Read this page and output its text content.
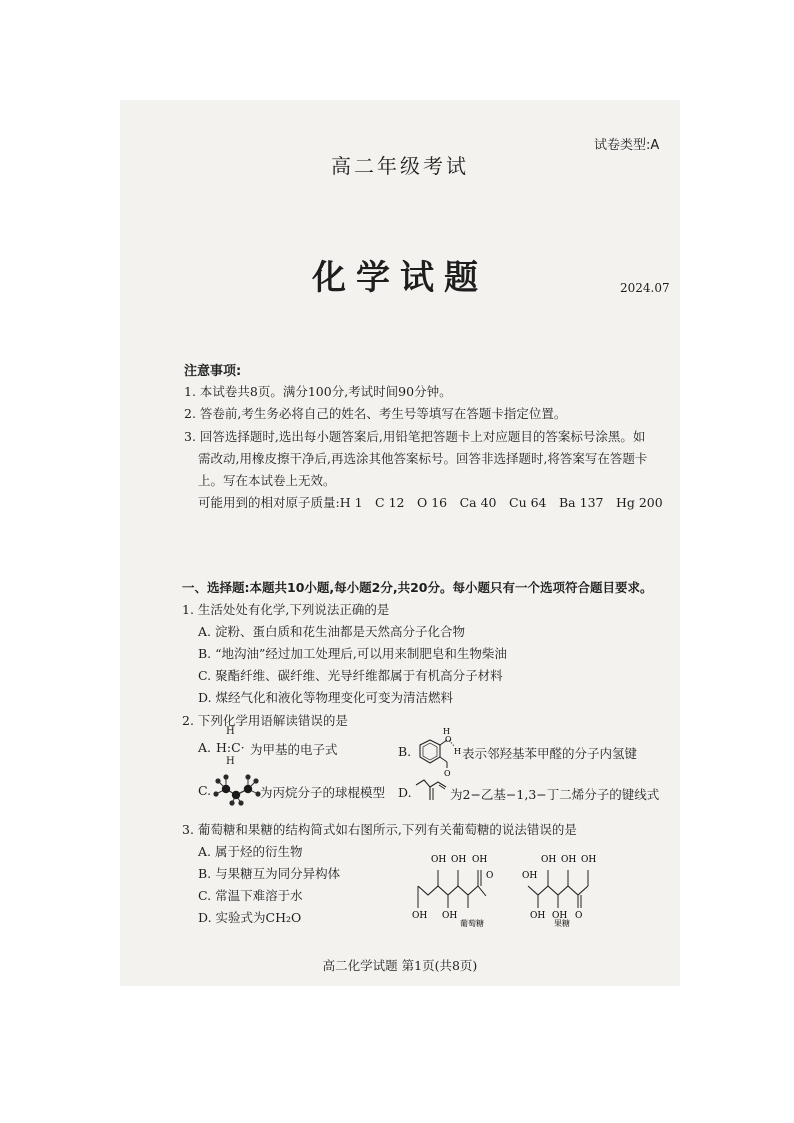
试卷类型:A
高二年级考试
化学试题	2024.07
注意事项:
1. 本试卷共8页。满分100分,考试时间90分钟。
2. 答卷前,考生务必将自己的姓名、考生号等填写在答题卡指定位置。
3. 回答选择题时,选出每小题答案后,用铅笔把答题卡上对应题目的答案标号涂黑。如
需改动,用橡皮擦干净后,再选涂其他答案标号。回答非选择题时,将答案写在答题卡
上。写在本试卷上无效。
可能用到的相对原子质量:H 1　C 12　O 16　Ca 40　Cu 64　Ba 137　Hg 200
一、选择题:本题共10小题,每小题2分,共20分。每小题只有一个选项符合题目要求。
1. 生活处处有化学,下列说法正确的是
A. 淀粉、蛋白质和花生油都是天然高分子化合物
B. “地沟油”经过加工处理后,可以用来制肥皂和生物柴油
C. 聚酯纤维、碳纤维、光导纤维都属于有机高分子材料
D. 煤经气化和液化等物理变化可变为清洁燃料
2. 下列化学用语解读错误的是
A.
H
H:C·
H
为甲基的电子式	B.
H
O
H
O
表示邻羟基苯甲醛的分子内氢键
C.	为丙烷分子的球棍模型 D.	为2−乙基−1,3−丁二烯分子的键线式
3. 葡萄糖和果糖的结构简式如右图所示,下列有关葡萄糖的说法错误的是
A. 属于烃的衍生物
B. 与果糖互为同分异构体
C. 常温下难溶于水
D. 实验式为CH₂O
OH OH OH
OH OH
O
葡萄糖
OH OH OH
OH
OH OH O
果糖
高二化学试题 第1页(共8页)
